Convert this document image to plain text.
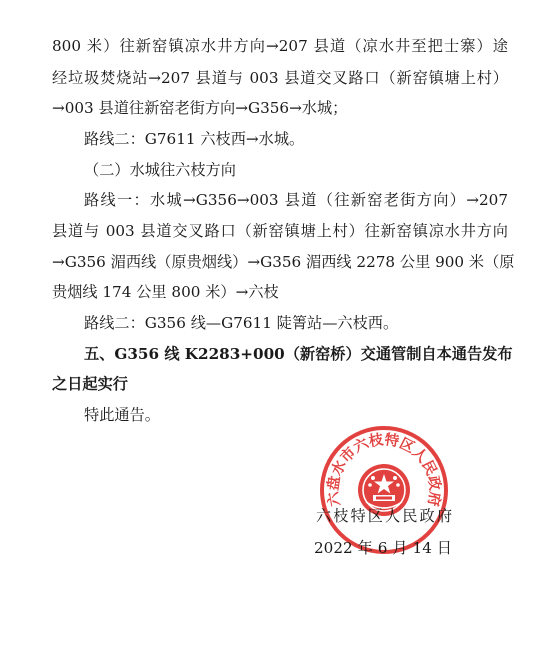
800 米）往新窑镇凉水井方向→207 县道（凉水井至把士寨）途
经垃圾焚烧站→207 县道与 003 县道交叉路口（新窑镇塘上村）
→003 县道往新窑老街方向→G356→水城；
路线二：G7611 六枝西→水城。
（二）水城往六枝方向
路线一：水城→G356→003 县道（往新窑老街方向）→207
县道与 003 县道交叉路口（新窑镇塘上村）往新窑镇凉水井方向
→G356 湄西线（原贵烟线）→G356 湄西线 2278 公里 900 米（原
贵烟线 174 公里 800 米）→六枝
路线二：G356 线—G7611 陡箐站—六枝西。
五、G356 线 K2283+000（新窑桥）交通管制自本通告发布
之日起实行
特此通告。
六盘水市六枝特区人民政府
六枝特区人民政府
2022 年 6 月 14 日
